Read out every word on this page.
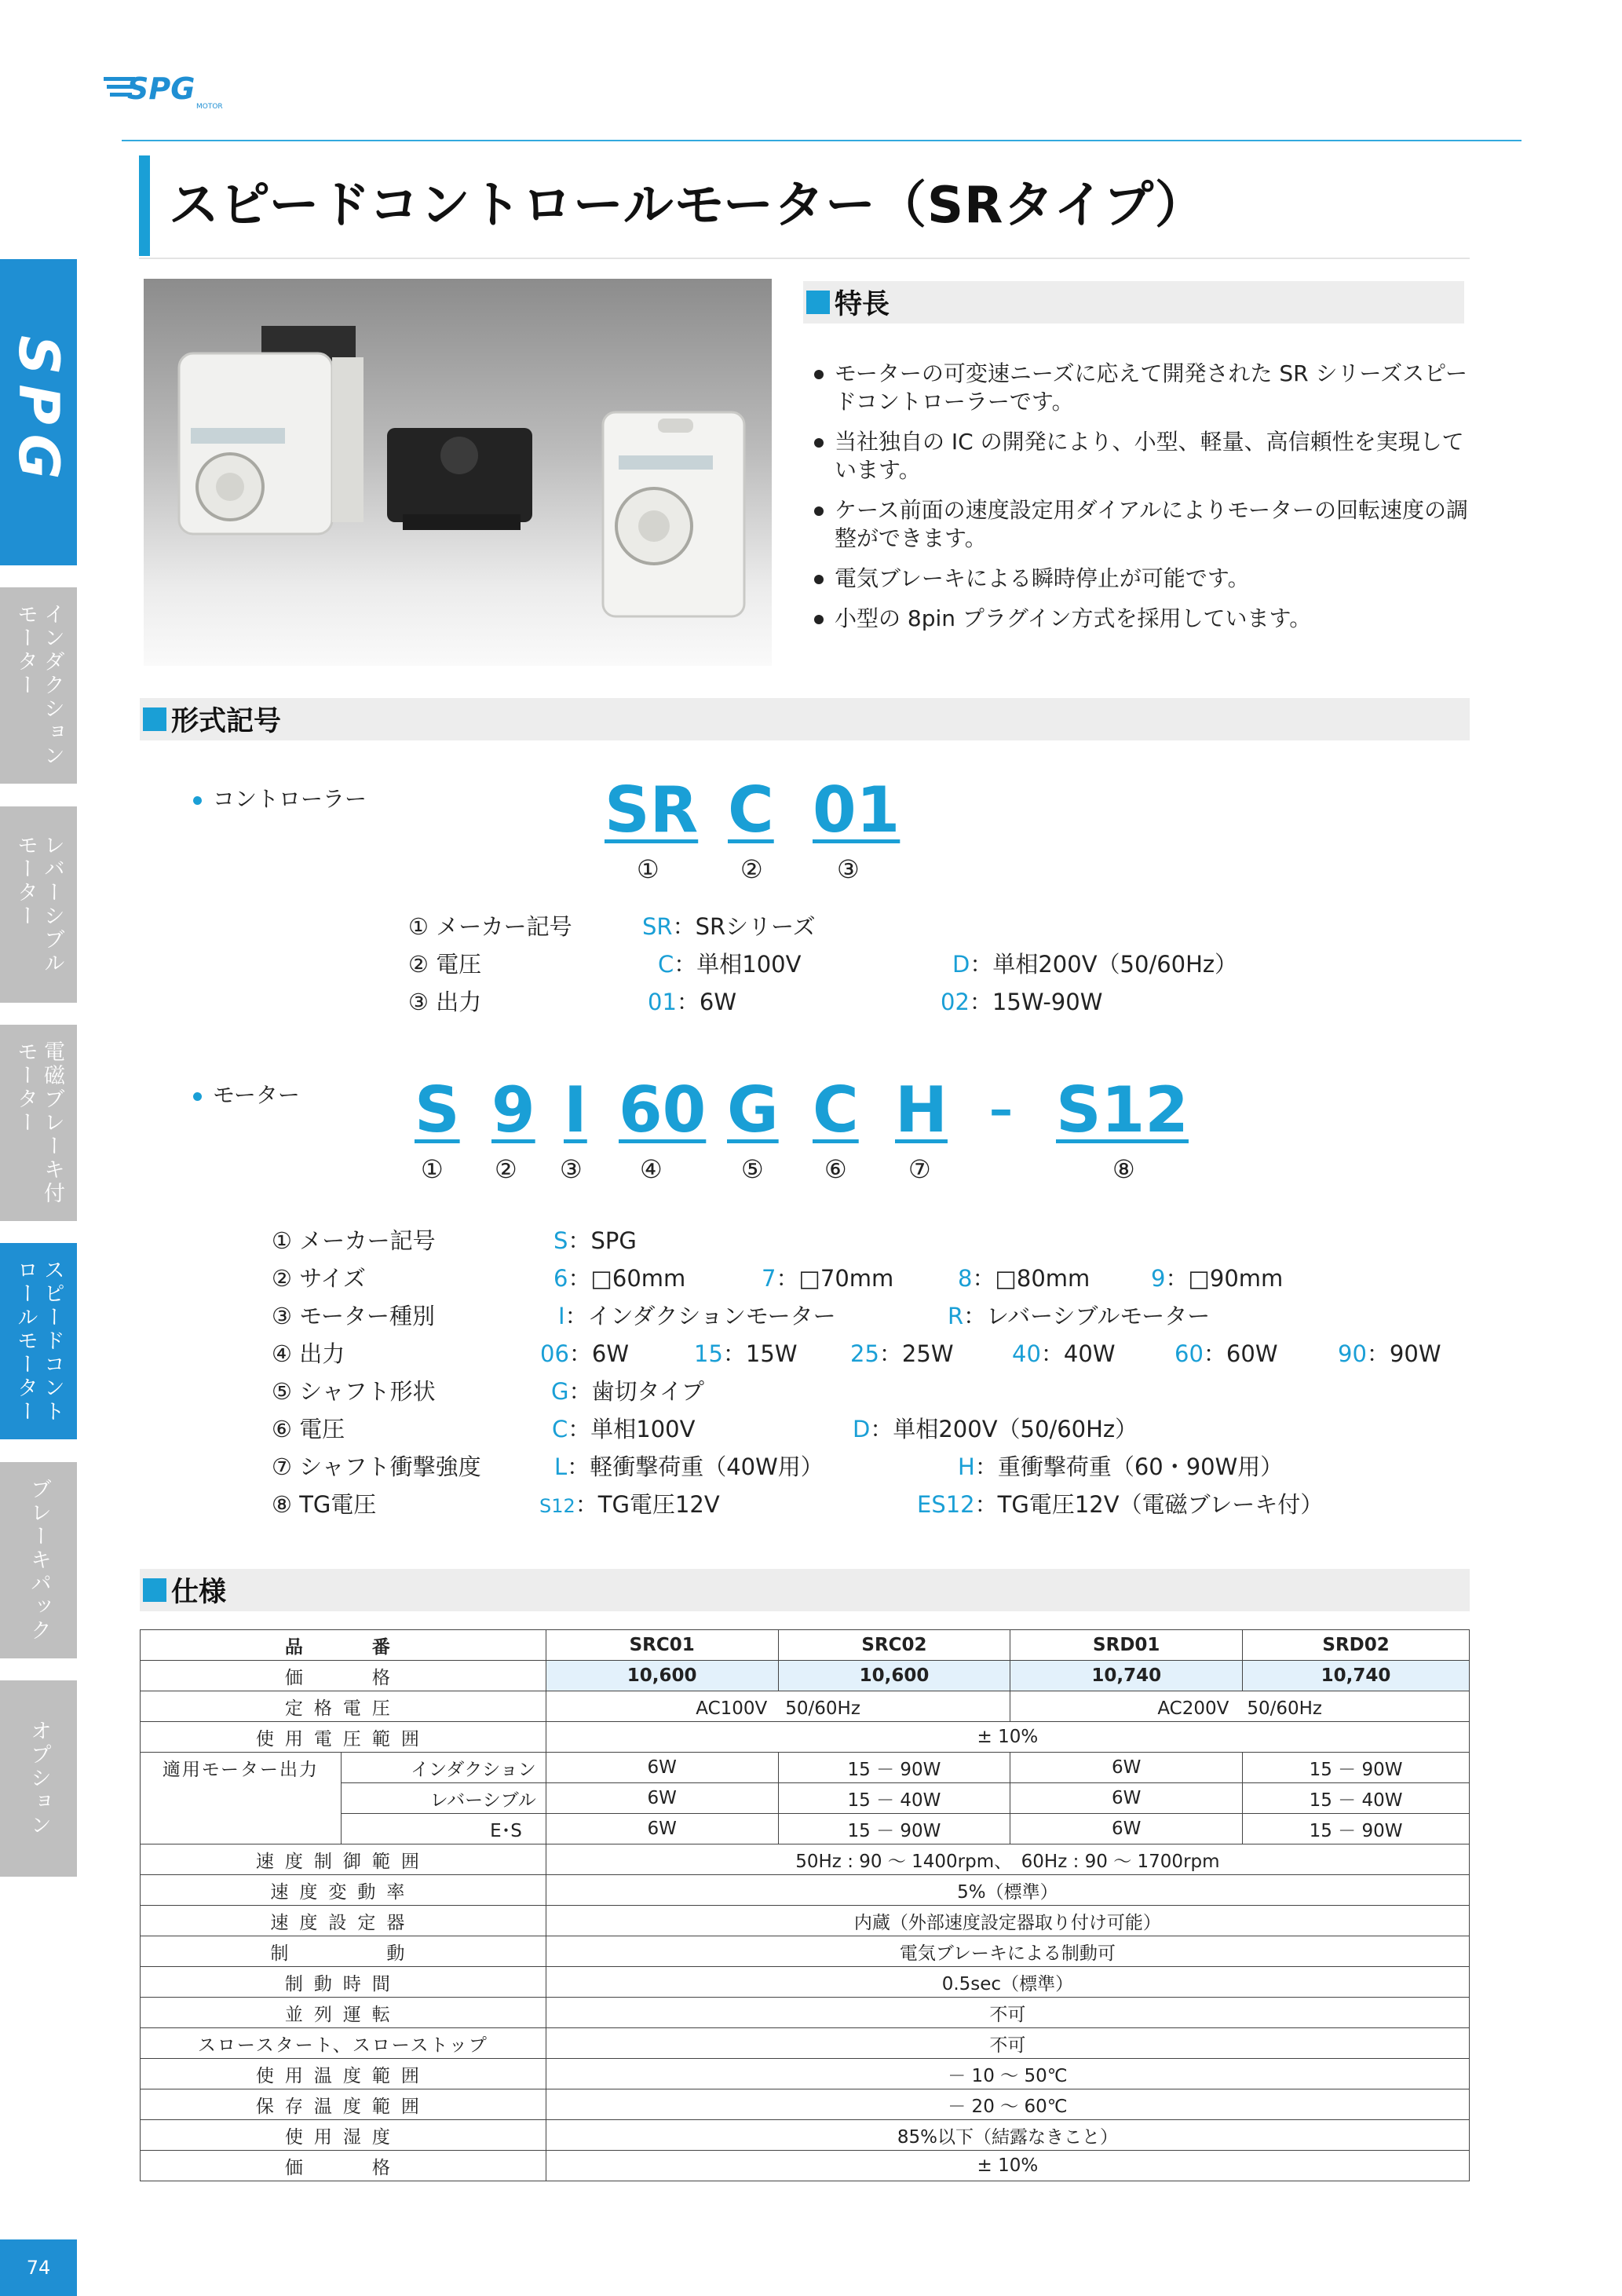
SPG
MOTOR
スピードコントロールモーター（SRタイプ）
SPG
インダクション
モーター
レバーシブル
モーター
電磁ブレーキ付
モーター
スピードコント
ロールモーター
ブレーキパック
オプション
特長
モーターの可変速ニーズに応えて開発された SR シリーズスピードコントローラーです。
当社独自の IC の開発により、小型、軽量、高信頼性を実現しています。
ケース前面の速度設定用ダイアルによりモーターの回転速度の調整ができます。
電気ブレーキによる瞬時停止が可能です。
小型の 8pin プラグイン方式を採用しています。
形式記号
コントローラー	SR C 01
①	②	③
① メーカー記号	SR：SRシリーズ
② 電圧	C：単相100V	D：単相200V（50/60Hz）
③ 出力	01：6W	02：15W-90W
モーター S 9 I 60 G C H – S12
① ② ③ ④	⑤ ⑥ ⑦	⑧
① メーカー記号	S：SPG
② サイズ	6：□60mm	7：□70mm	8：□80mm	9：□90mm
③ モーター種別	I：インダクションモーター	R：レバーシブルモーター
④ 出力	06：6W	15：15W 25：25W	40：40W	60：60W	90：90W
⑤ シャフト形状	G：歯切タイプ
⑥ 電圧	C：単相100V	D：単相200V（50/60Hz）
⑦ シャフト衝撃強度	L：軽衝撃荷重（40W用）	H：重衝撃荷重（60・90W用）
⑧ TG電圧	S12：TG電圧12V	ES12：TG電圧12V（電磁ブレーキ付）
仕様
品　　番		SRC01	SRC02	SRD01	SRD02
価　　格		10,600	10,600	10,740	10,740
定格電圧		AC100V　50/60Hz		AC200V　50/60Hz	
使用電圧範囲		± 10%			
適用モーター出力	インダクション	6W	15 － 90W	6W	15 － 90W
	レバーシブル	6W	15 － 40W	6W	15 － 40W
	E･S	6W	15 － 90W	6W	15 － 90W
速度制御範囲		50Hz : 90 ～ 1400rpm、　60Hz : 90 ～ 1700rpm			
速度変動率		5%（標準）			
速度設定器		内蔵（外部速度設定器取り付け可能）			
制　　　動		電気ブレーキによる制動可			
制動時間		0.5sec（標準）			
並列運転		不可			
スロースタート、スローストップ		不可			
使用温度範囲		－ 10 ～ 50℃			
保存温度範囲		－ 20 ～ 60℃			
使用湿度		85%以下（結露なきこと）			
価　　格		± 10%			
74
